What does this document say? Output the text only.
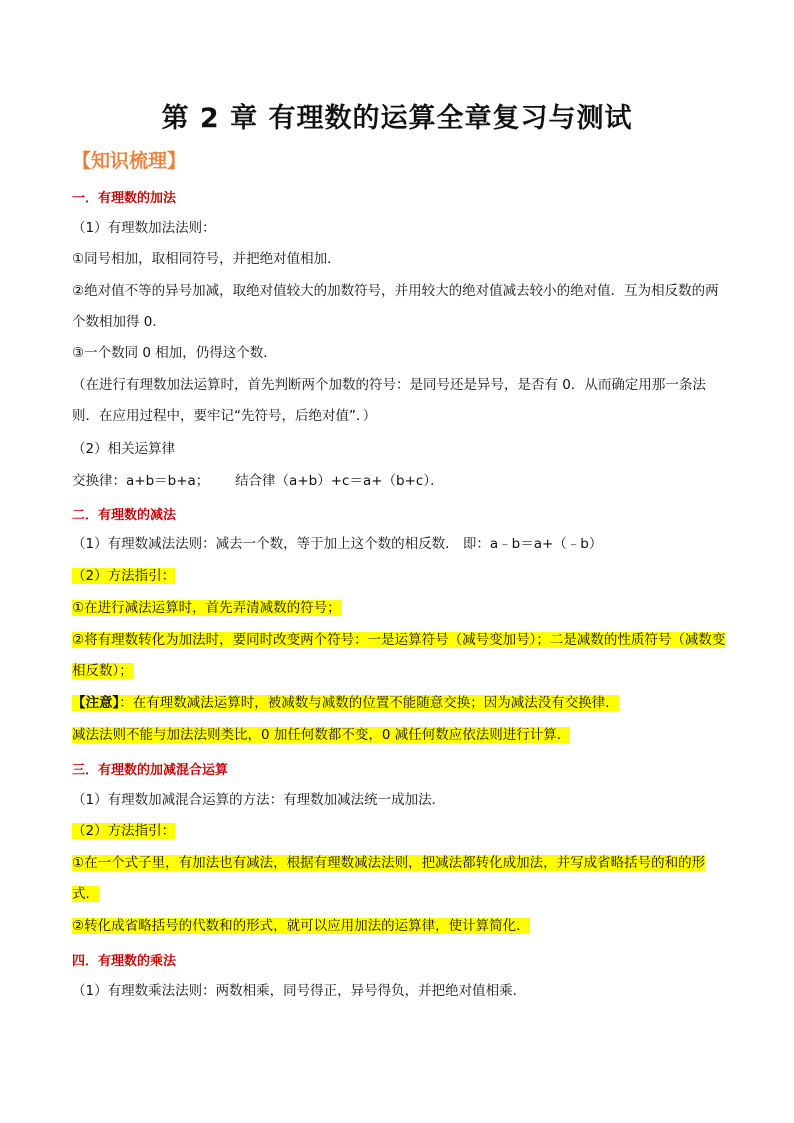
第 2 章 有理数的运算全章复习与测试
【知识梳理】
一．有理数的加法
（1）有理数加法法则：
①同号相加，取相同符号，并把绝对值相加．
②绝对值不等的异号加减，取绝对值较大的加数符号，并用较大的绝对值减去较小的绝对值．互为相反数的两个数相加得 0．
③一个数同 0 相加，仍得这个数．
（在进行有理数加法运算时，首先判断两个加数的符号：是同号还是异号，是否有 0．从而确定用那一条法则．在应用过程中，要牢记“先符号，后绝对值”．）
（2）相关运算律
交换律：a+b＝b+a； 结合律（a+b）+c＝a+（b+c）．
二．有理数的减法
（1）有理数减法法则：减去一个数，等于加上这个数的相反数． 即：a﹣b＝a+（﹣b）
（2）方法指引：
①在进行减法运算时，首先弄清减数的符号；
②将有理数转化为加法时，要同时改变两个符号：一是运算符号（减号变加号）；二是减数的性质符号（减数变相反数）；
【注意】：在有理数减法运算时，被减数与减数的位置不能随意交换；因为减法没有交换律．
减法法则不能与加法法则类比，0 加任何数都不变，0 减任何数应依法则进行计算．
三．有理数的加减混合运算
（1）有理数加减混合运算的方法：有理数加减法统一成加法．
（2）方法指引：
①在一个式子里，有加法也有减法，根据有理数减法法则，把减法都转化成加法，并写成省略括号的和的形式．
②转化成省略括号的代数和的形式，就可以应用加法的运算律，使计算简化．
四．有理数的乘法
（1）有理数乘法法则：两数相乘，同号得正，异号得负，并把绝对值相乘．
